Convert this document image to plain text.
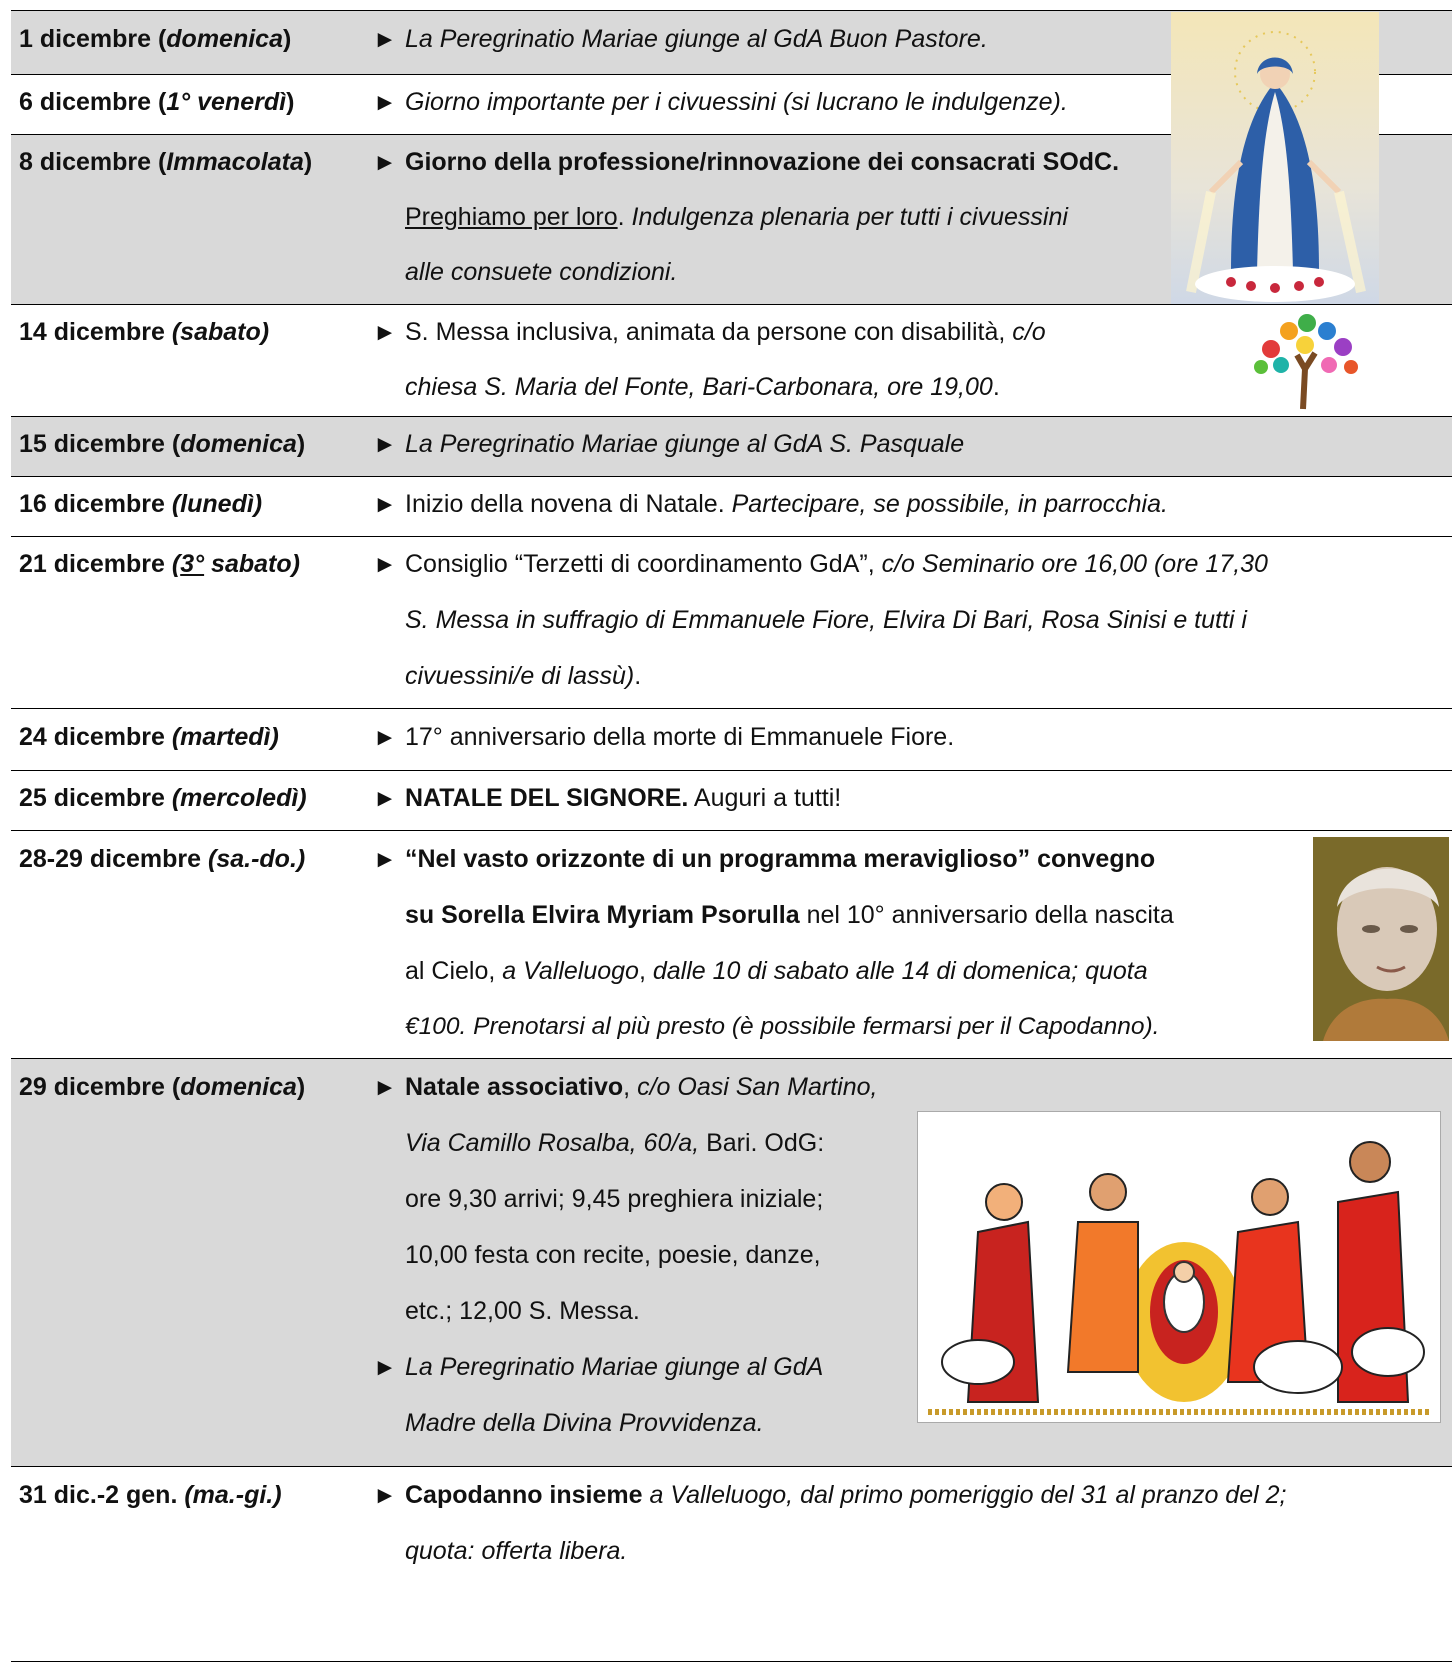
1 dicembre (domenica)	► La Peregrinatio Mariae giunge al GdA Buon Pastore.
6 dicembre (1° venerdì)	► Giorno importante per i civuessini (si lucrano le indulgenze).
8 dicembre (Immacolata)	► Giorno della professione/rinnovazione dei consacrati SOdC.
Preghiamo per loro. Indulgenza plenaria per tutti i civuessini
alle consuete condizioni.
14 dicembre (sabato)	► S. Messa inclusiva, animata da persone con disabilità, c/o
chiesa S. Maria del Fonte, Bari-Carbonara, ore 19,00.
15 dicembre (domenica)	► La Peregrinatio Mariae giunge al GdA S. Pasquale
16 dicembre (lunedì)	► Inizio della novena di Natale. Partecipare, se possibile, in parrocchia.
21 dicembre (3° sabato)	► Consiglio “Terzetti di coordinamento GdA”, c/o Seminario ore 16,00 (ore 17,30
S. Messa in suffragio di Emmanuele Fiore, Elvira Di Bari, Rosa Sinisi e tutti i
civuessini/e di lassù).
24 dicembre (martedì)	► 17° anniversario della morte di Emmanuele Fiore.
25 dicembre (mercoledì)	► NATALE DEL SIGNORE. Auguri a tutti!
28-29 dicembre (sa.-do.)	► “Nel vasto orizzonte di un programma meraviglioso” convegno
su Sorella Elvira Myriam Psorulla nel 10° anniversario della nascita
al Cielo, a Valleluogo, dalle 10 di sabato alle 14 di domenica; quota
€100. Prenotarsi al più presto (è possibile fermarsi per il Capodanno).
29 dicembre (domenica)	► Natale associativo, c/o Oasi San Martino,
Via Camillo Rosalba, 60/a, Bari. OdG:
ore 9,30 arrivi; 9,45 preghiera iniziale;
10,00 festa con recite, poesie, danze,
etc.; 12,00 S. Messa.
► La Peregrinatio Mariae giunge al GdA
Madre della Divina Provvidenza.
31 dic.-2 gen. (ma.-gi.)	► Capodanno insieme a Valleluogo, dal primo pomeriggio del 31 al pranzo del 2;
quota: offerta libera.
